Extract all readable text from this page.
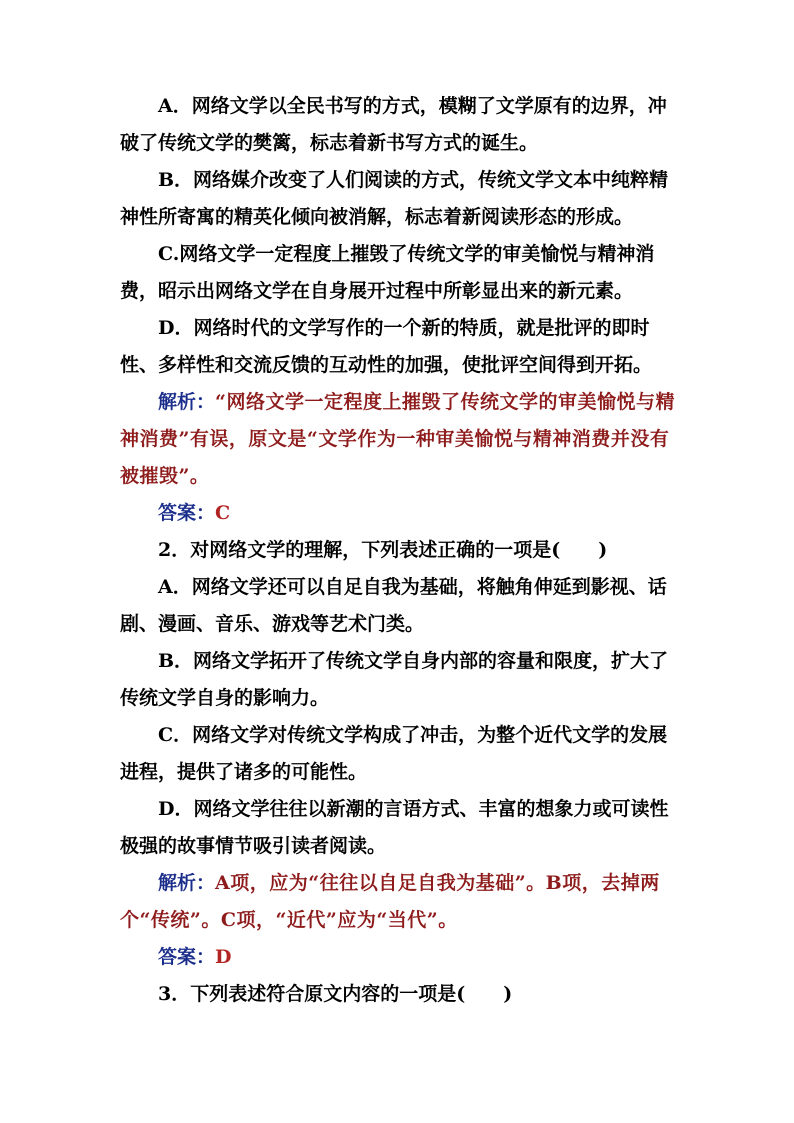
A．网络文学以全民书写的方式，模糊了文学原有的边界，冲破了传统文学的樊篱，标志着新书写方式的诞生。

B．网络媒介改变了人们阅读的方式，传统文学文本中纯粹精神性所寄寓的精英化倾向被消解，标志着新阅读形态的形成。

C.网络文学一定程度上摧毁了传统文学的审美愉悦与精神消费，昭示出网络文学在自身展开过程中所彰显出来的新元素。

D．网络时代的文学写作的一个新的特质，就是批评的即时性、多样性和交流反馈的互动性的加强，使批评空间得到开拓。

解析：“网络文学一定程度上摧毁了传统文学的审美愉悦与精神消费”有误，原文是“文学作为一种审美愉悦与精神消费并没有被摧毁”。

答案：C

2．对网络文学的理解，下列表述正确的一项是(　　)

A．网络文学还可以自足自我为基础，将触角伸延到影视、话剧、漫画、音乐、游戏等艺术门类。

B．网络文学拓开了传统文学自身内部的容量和限度，扩大了传统文学自身的影响力。

C．网络文学对传统文学构成了冲击，为整个近代文学的发展进程，提供了诸多的可能性。

D．网络文学往往以新潮的言语方式、丰富的想象力或可读性极强的故事情节吸引读者阅读。

解析：A项，应为“往往以自足自我为基础”。B项，去掉两个“传统”。C项，“近代”应为“当代”。

答案：D

3．下列表述符合原文内容的一项是(　　)
